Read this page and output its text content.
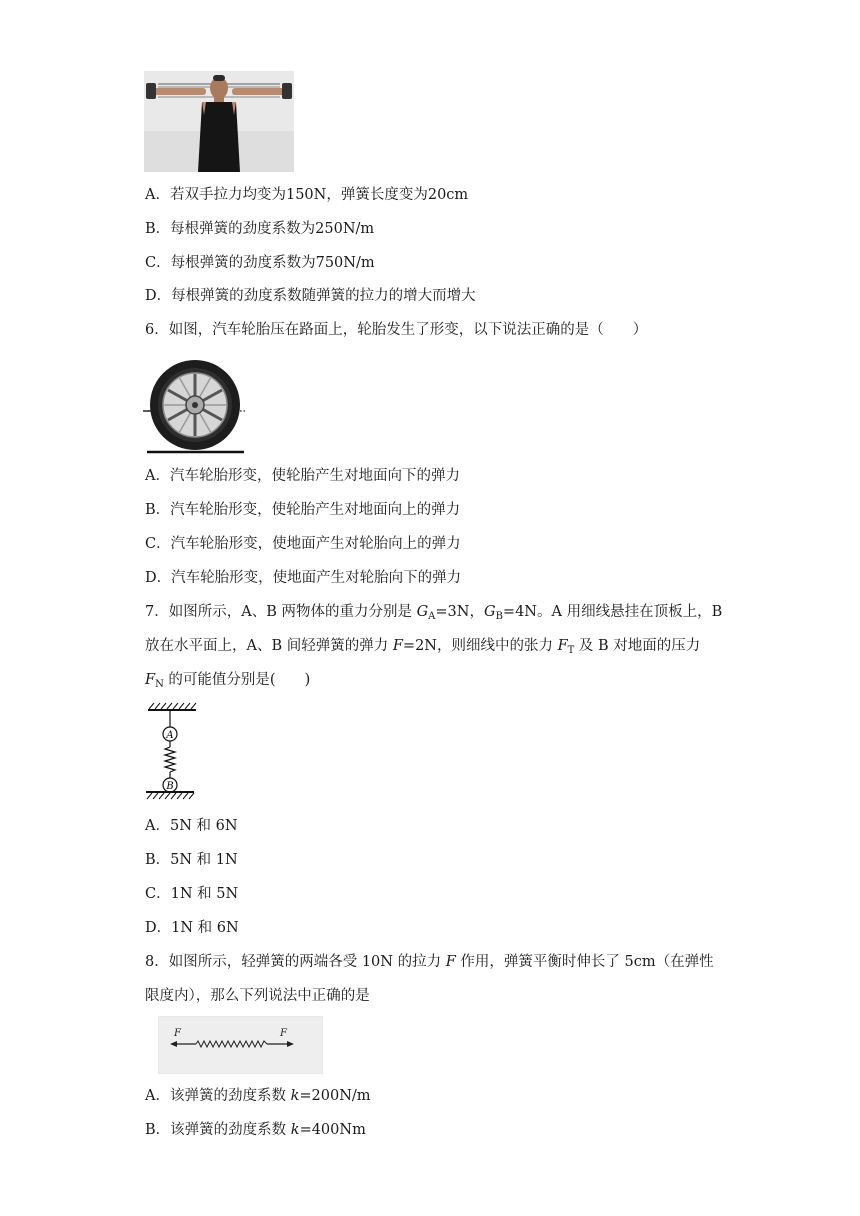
A．若双手拉力均变为150N，弹簧长度变为20cm
B．每根弹簧的劲度系数为250N/m
C．每根弹簧的劲度系数为750N/m
D．每根弹簧的劲度系数随弹簧的拉力的增大而增大
6．如图，汽车轮胎压在路面上，轮胎发生了形变，以下说法正确的是（　　）
A．汽车轮胎形变，使轮胎产生对地面向下的弹力
B．汽车轮胎形变，使轮胎产生对地面向上的弹力
C．汽车轮胎形变，使地面产生对轮胎向上的弹力
D．汽车轮胎形变，使地面产生对轮胎向下的弹力
7．如图所示，A、B 两物体的重力分别是 $G_A=3N$，$G_B=4N$。A 用细线悬挂在顶板上，B
放在水平面上，A、B 间轻弹簧的弹力 F=2N，则细线中的张力 $F_T$ 及 B 对地面的压力
$F_N$ 的可能值分别是(　　)
A
B
A．5N 和 6N
B．5N 和 1N
C．1N 和 5N
D．1N 和 6N
8．如图所示，轻弹簧的两端各受 10N 的拉力 F 作用，弹簧平衡时伸长了 5cm（在弹性
限度内），那么下列说法中正确的是
F	F
A．该弹簧的劲度系数 k=200N/m
B．该弹簧的劲度系数 k=400Nm
